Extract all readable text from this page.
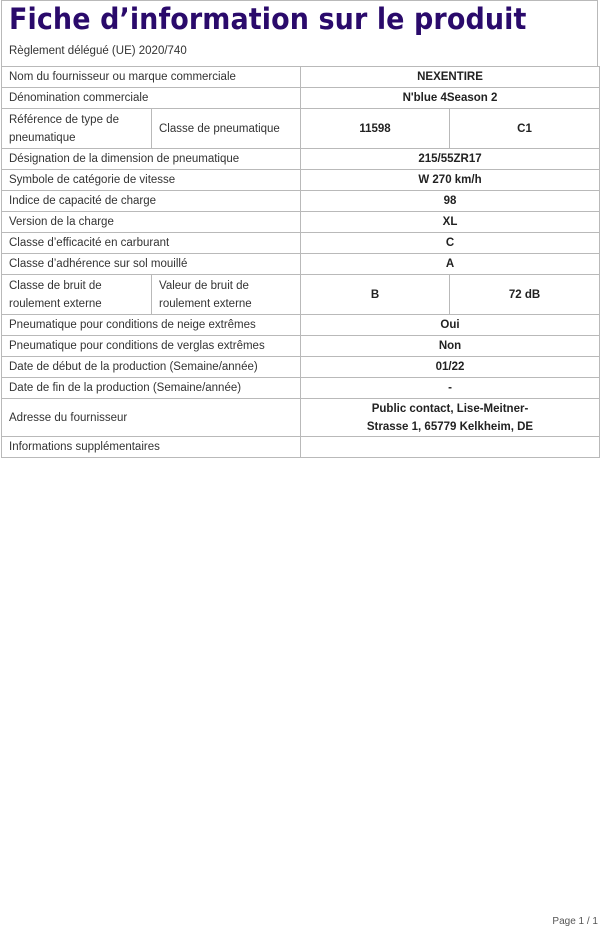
Fiche d’information sur le produit
Règlement délégué (UE) 2020/740
Nom du fournisseur ou marque commerciale		NEXENTIRE	
Dénomination commerciale		N'blue 4Season 2	
Référence de type de pneumatique	Classe de pneumatique	11598	C1
Désignation de la dimension de pneumatique		215/55ZR17	
Symbole de catégorie de vitesse		W 270 km/h	
Indice de capacité de charge		98	
Version de la charge		XL	
Classe d’efficacité en carburant		C	
Classe d’adhérence sur sol mouillé		A	
Classe de bruit de roulement externe	Valeur de bruit de roulement externe	B	72 dB
Pneumatique pour conditions de neige extrêmes		Oui	
Pneumatique pour conditions de verglas extrêmes		Non	
Date de début de la production (Semaine/année)		01/22	
Date de fin de la production (Semaine/année)		-	
Adresse du fournisseur		Public contact, Lise-Meitner-Strasse 1, 65779 Kelkheim, DE	
Informations supplémentaires			
Page 1 / 1
